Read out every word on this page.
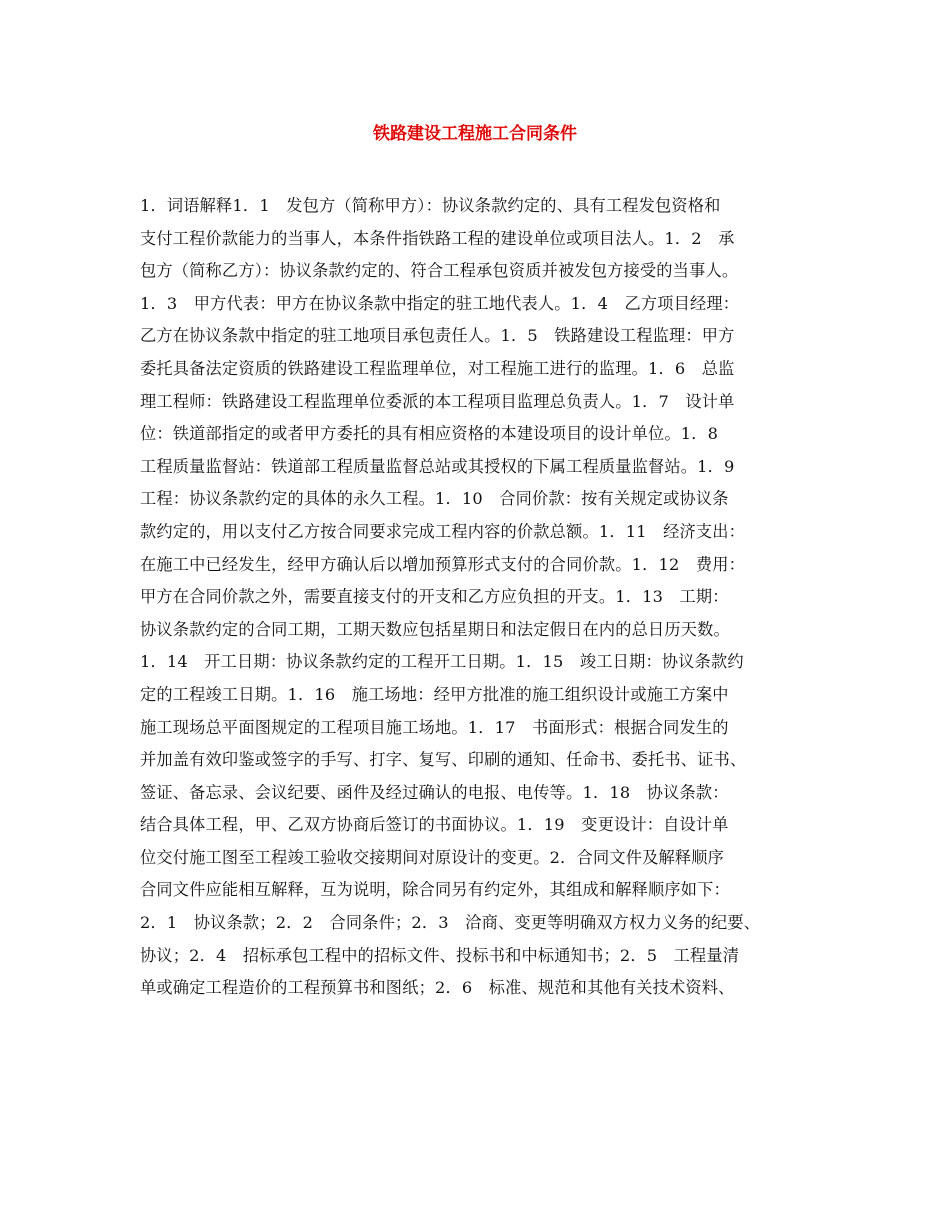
铁路建设工程施工合同条件
1．词语解释1．1　发包方（简称甲方）：协议条款约定的、具有工程发包资格和
支付工程价款能力的当事人，本条件指铁路工程的建设单位或项目法人。1．2　承
包方（简称乙方）：协议条款约定的、符合工程承包资质并被发包方接受的当事人。
1．3　甲方代表：甲方在协议条款中指定的驻工地代表人。1．4　乙方项目经理：
乙方在协议条款中指定的驻工地项目承包责任人。1．5　铁路建设工程监理：甲方
委托具备法定资质的铁路建设工程监理单位，对工程施工进行的监理。1．6　总监
理工程师：铁路建设工程监理单位委派的本工程项目监理总负责人。1．7　设计单
位：铁道部指定的或者甲方委托的具有相应资格的本建设项目的设计单位。1．8
工程质量监督站：铁道部工程质量监督总站或其授权的下属工程质量监督站。1．9
工程：协议条款约定的具体的永久工程。1．10　合同价款：按有关规定或协议条
款约定的，用以支付乙方按合同要求完成工程内容的价款总额。1．11　经济支出：
在施工中已经发生，经甲方确认后以增加预算形式支付的合同价款。1．12　费用：
甲方在合同价款之外，需要直接支付的开支和乙方应负担的开支。1．13　工期：
协议条款约定的合同工期，工期天数应包括星期日和法定假日在内的总日历天数。
1．14　开工日期：协议条款约定的工程开工日期。1．15　竣工日期：协议条款约
定的工程竣工日期。1．16　施工场地：经甲方批准的施工组织设计或施工方案中
施工现场总平面图规定的工程项目施工场地。1．17　书面形式：根据合同发生的
并加盖有效印鉴或签字的手写、打字、复写、印刷的通知、任命书、委托书、证书、
签证、备忘录、会议纪要、函件及经过确认的电报、电传等。1．18　协议条款：
结合具体工程，甲、乙双方协商后签订的书面协议。1．19　变更设计：自设计单
位交付施工图至工程竣工验收交接期间对原设计的变更。2．合同文件及解释顺序
合同文件应能相互解释，互为说明，除合同另有约定外，其组成和解释顺序如下：
2．1　协议条款；2．2　合同条件；2．3　洽商、变更等明确双方权力义务的纪要、
协议；2．4　招标承包工程中的招标文件、投标书和中标通知书；2．5　工程量清
单或确定工程造价的工程预算书和图纸；2．6　标准、规范和其他有关技术资料、
